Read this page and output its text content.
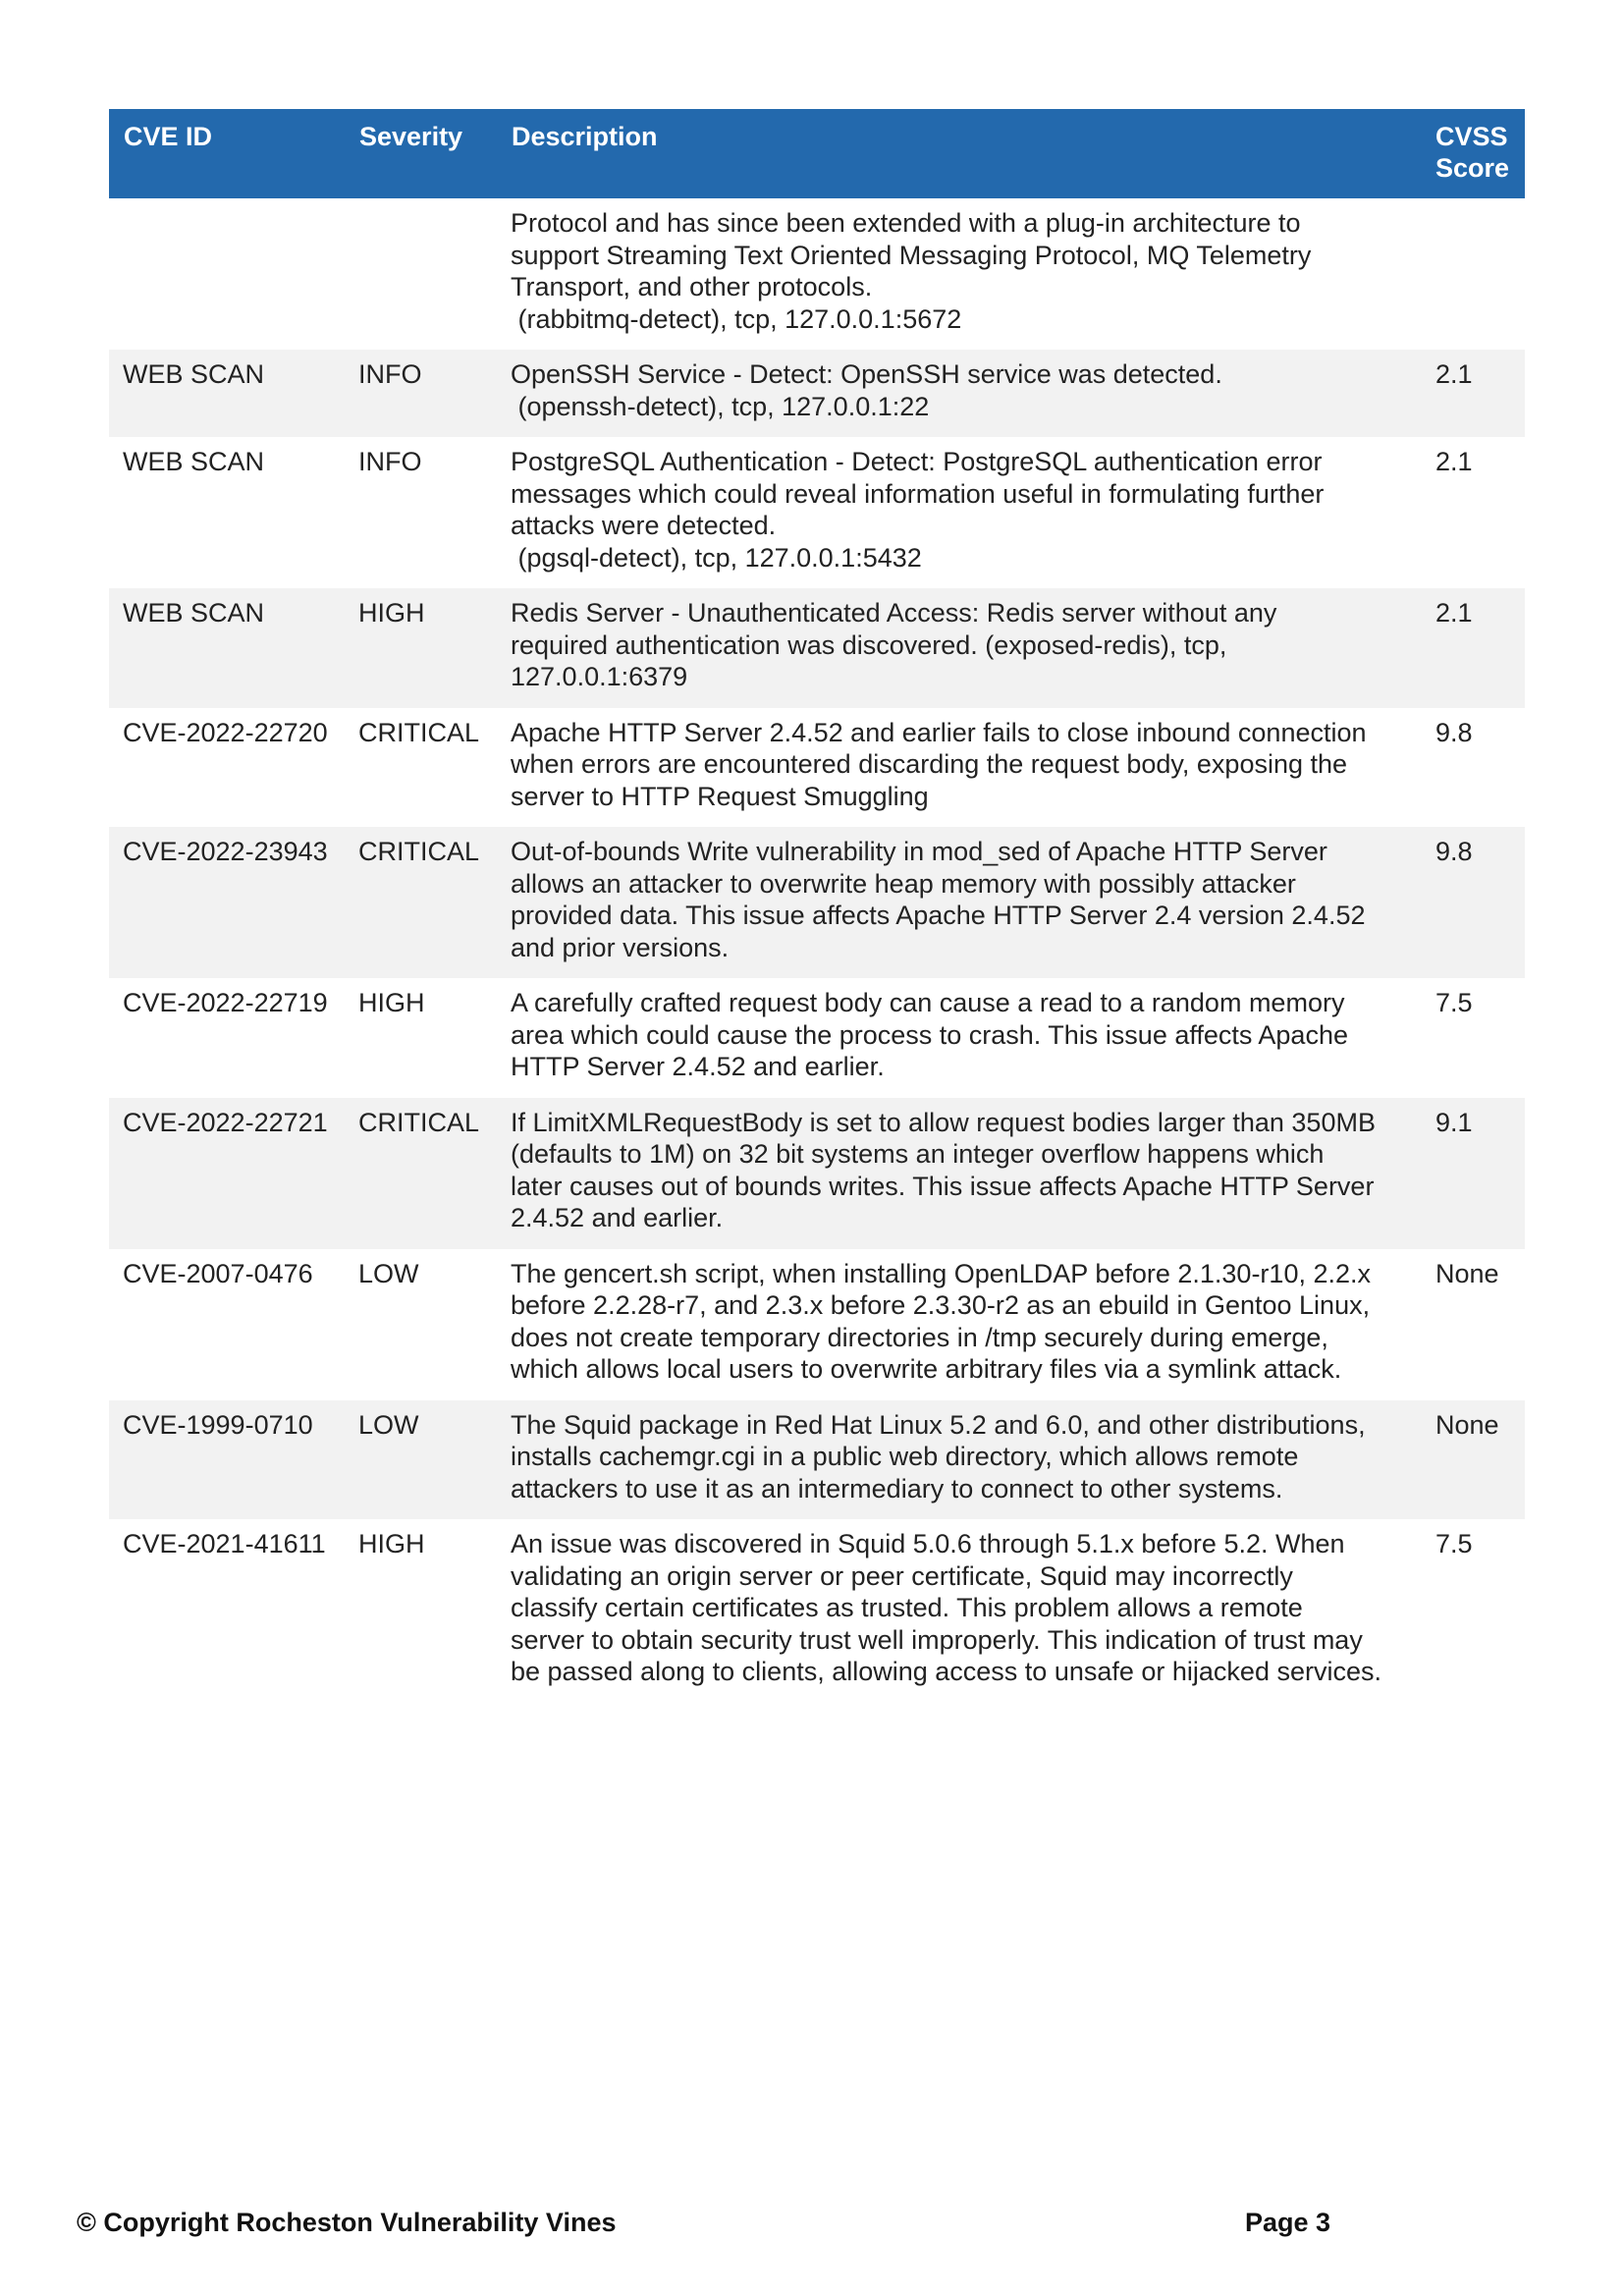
CVE ID	Severity	Description	CVSS
Score

		Protocol and has since been extended with a plug-in architecture to
support Streaming Text Oriented Messaging Protocol, MQ Telemetry
Transport, and other protocols.
(rabbitmq-detect), tcp, 127.0.0.1:5672	

WEB SCAN	INFO	OpenSSH Service - Detect: OpenSSH service was detected.
(openssh-detect), tcp, 127.0.0.1:22	2.1
WEB SCAN	INFO	PostgreSQL Authentication - Detect: PostgreSQL authentication error
messages which could reveal information useful in formulating further
attacks were detected.
(pgsql-detect), tcp, 127.0.0.1:5432	2.1
WEB SCAN	HIGH	Redis Server - Unauthenticated Access: Redis server without any
required authentication was discovered. (exposed-redis), tcp,
127.0.0.1:6379	2.1
CVE-2022-22720	CRITICAL	Apache HTTP Server 2.4.52 and earlier fails to close inbound connection
when errors are encountered discarding the request body, exposing the
server to HTTP Request Smuggling	9.8
CVE-2022-23943	CRITICAL	Out-of-bounds Write vulnerability in mod_sed of Apache HTTP Server
allows an attacker to overwrite heap memory with possibly attacker
provided data. This issue affects Apache HTTP Server 2.4 version 2.4.52
and prior versions.	9.8
CVE-2022-22719	HIGH	A carefully crafted request body can cause a read to a random memory
area which could cause the process to crash. This issue affects Apache
HTTP Server 2.4.52 and earlier.	7.5
CVE-2022-22721	CRITICAL	If LimitXMLRequestBody is set to allow request bodies larger than 350MB
(defaults to 1M) on 32 bit systems an integer overflow happens which
later causes out of bounds writes. This issue affects Apache HTTP Server
2.4.52 and earlier.	9.1
CVE-2007-0476	LOW	The gencert.sh script, when installing OpenLDAP before 2.1.30-r10, 2.2.x
before 2.2.28-r7, and 2.3.x before 2.3.30-r2 as an ebuild in Gentoo Linux,
does not create temporary directories in /tmp securely during emerge,
which allows local users to overwrite arbitrary files via a symlink attack.	None
CVE-1999-0710	LOW	The Squid package in Red Hat Linux 5.2 and 6.0, and other distributions,
installs cachemgr.cgi in a public web directory, which allows remote
attackers to use it as an intermediary to connect to other systems.	None
CVE-2021-41611	HIGH	An issue was discovered in Squid 5.0.6 through 5.1.x before 5.2. When
validating an origin server or peer certificate, Squid may incorrectly
classify certain certificates as trusted. This problem allows a remote
server to obtain security trust well improperly. This indication of trust may
be passed along to clients, allowing access to unsafe or hijacked services.	7.5
© Copyright Rocheston Vulnerability Vines	Page 3
